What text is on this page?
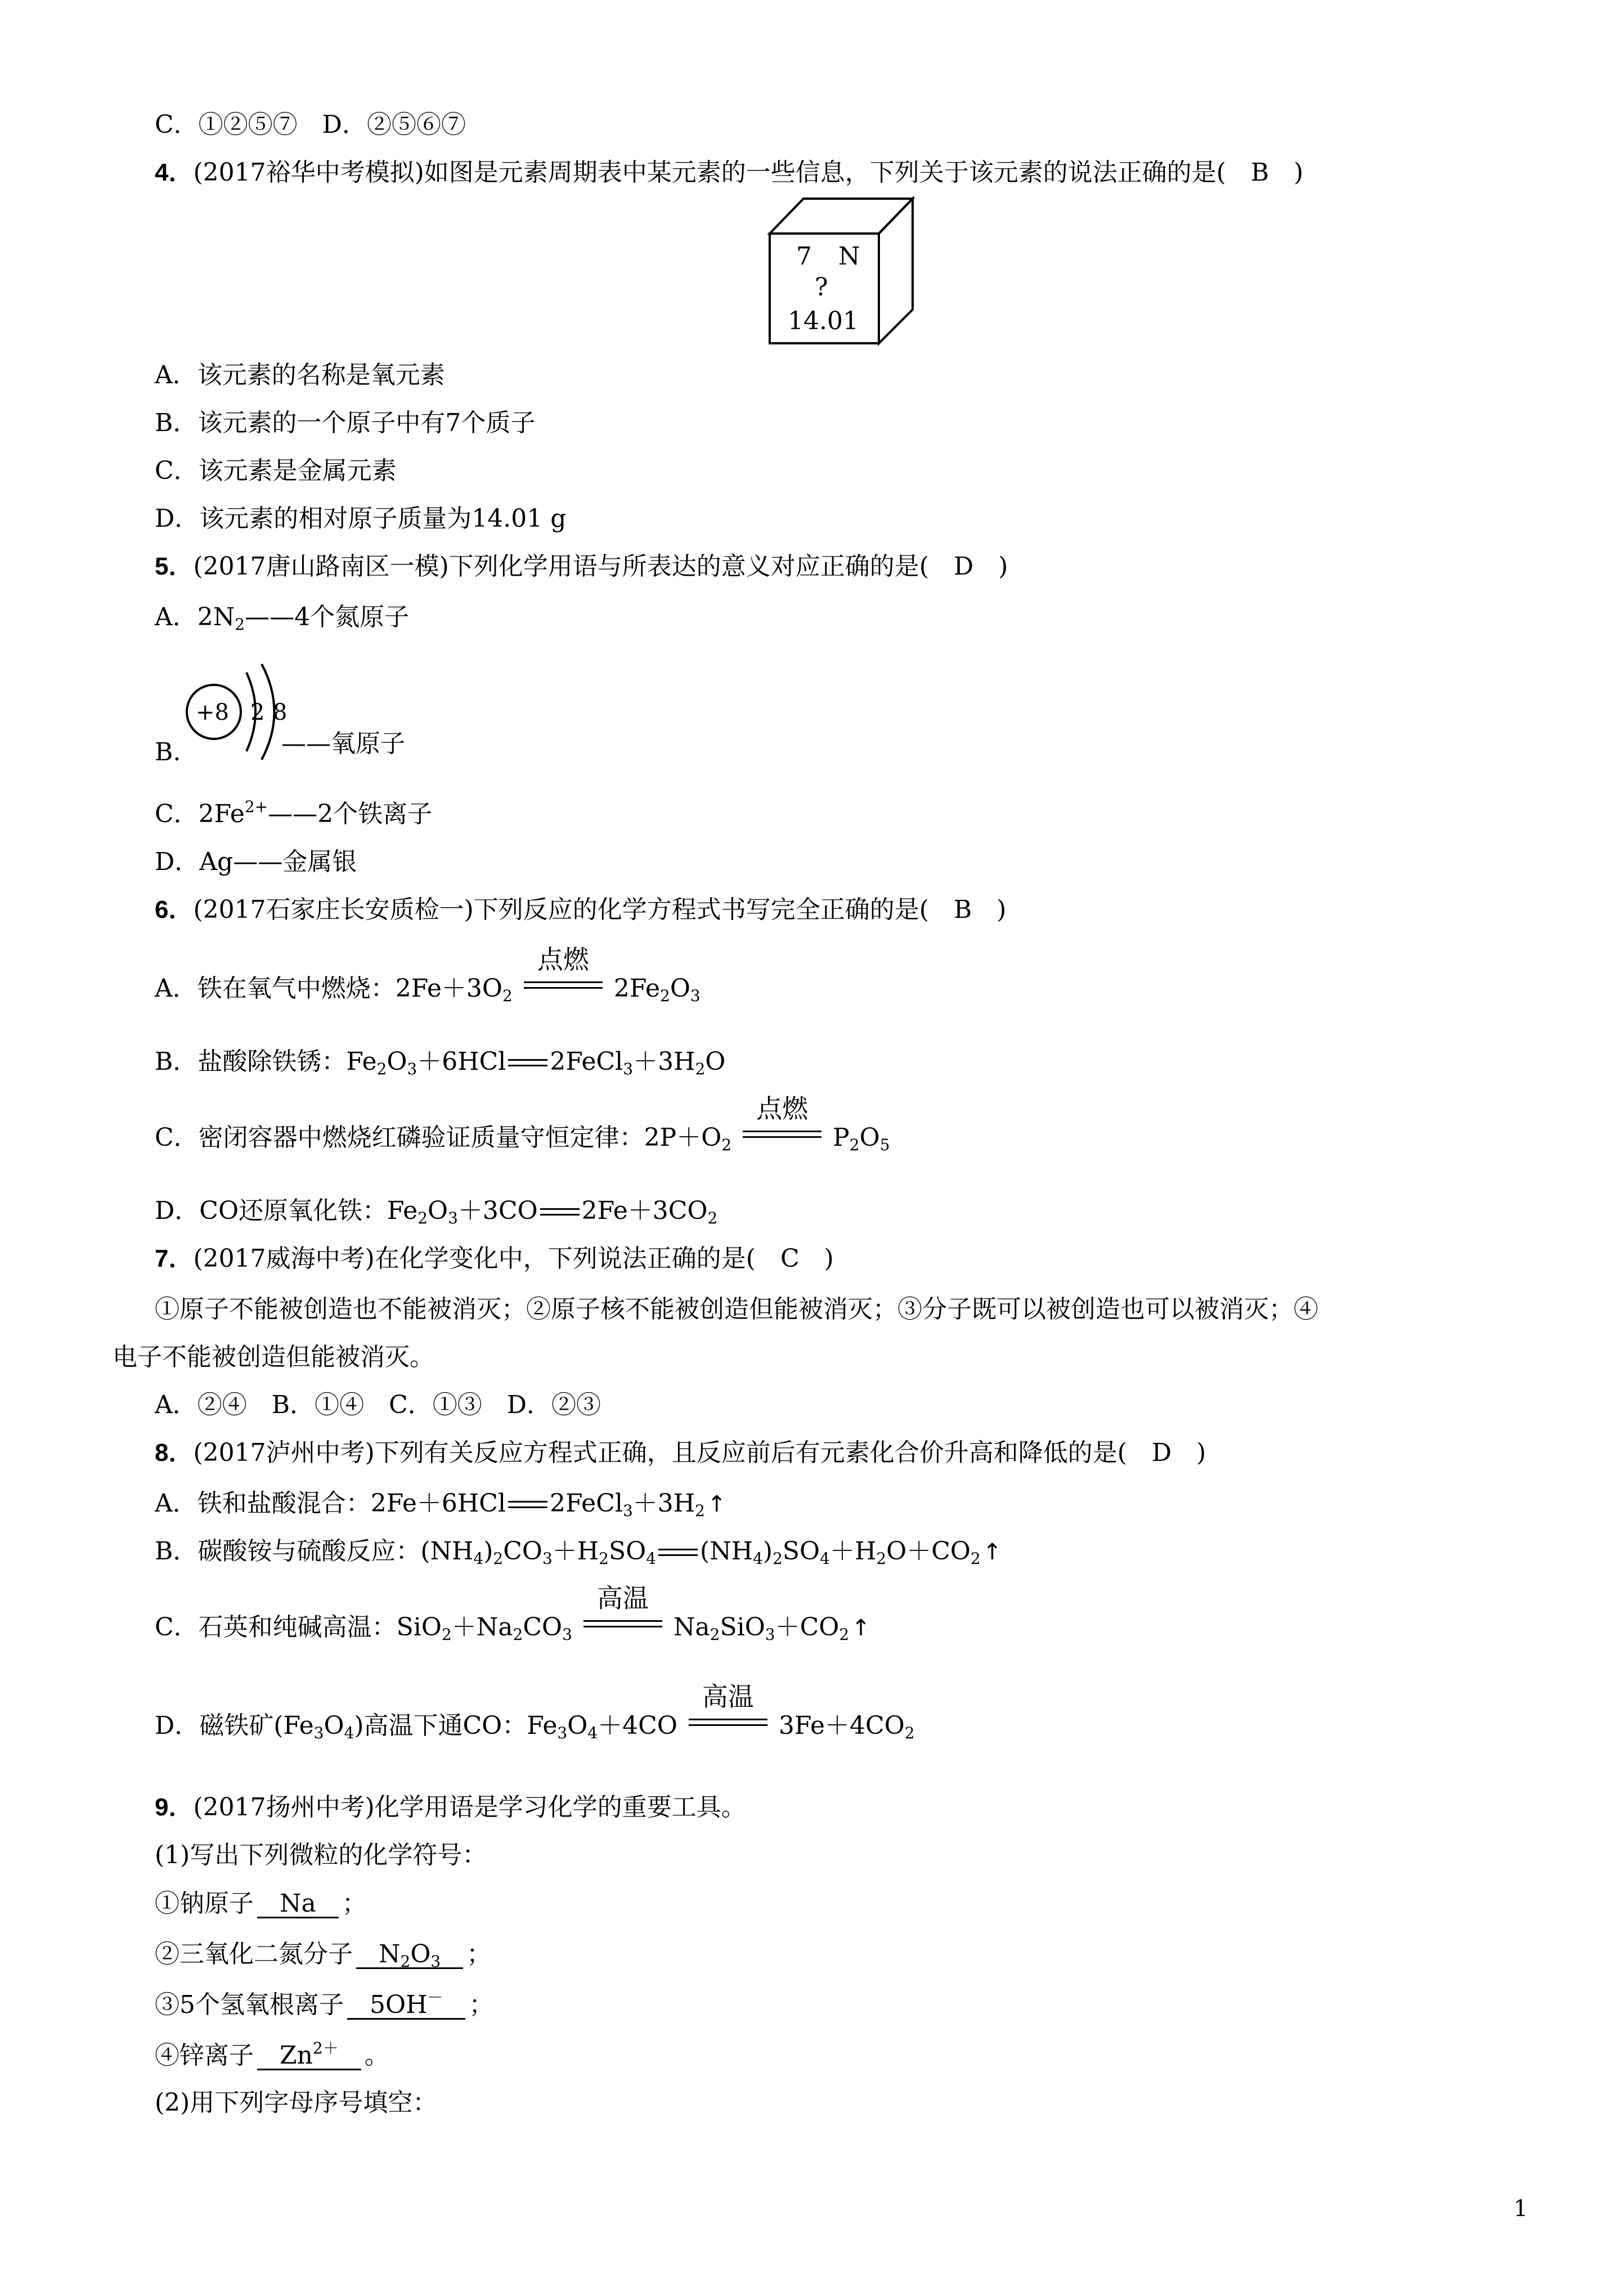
C．①②⑤⑦　D．②⑤⑥⑦
4．(2017裕华中考模拟)如图是元素周期表中某元素的一些信息，下列关于该元素的说法正确的是(　B　)
7 N
?
14.01
A．该元素的名称是氧元素
B．该元素的一个原子中有7个质子
C．该元素是金属元素
D．该元素的相对原子质量为14.01 g
5．(2017唐山路南区一模)下列化学用语与所表达的意义对应正确的是(　D　)
A．$2N_2——4$个氮原子
B.
+8 2 8
——氧原子
C．$2Fe^{2+}——2$个铁离子
D．Ag——金属银
6．(2017石家庄长安质检一)下列反应的化学方程式书写完全正确的是(　B　)
A．铁在氧气中燃烧：$2Fe+3O_2$
点燃
$2Fe_2O_3$
B．盐酸除铁锈：$Fe_2O_3+6HCl$ $2FeCl_3+3H_2O$
C．密闭容器中燃烧红磷验证质量守恒定律：$2P+O_2$
点燃
$P_2O_5$
D．CO还原氧化铁：$Fe_2O_3+3CO$ $2Fe+3CO_2$
7．(2017威海中考)在化学变化中，下列说法正确的是(　C　)
①原子不能被创造也不能被消灭；②原子核不能被创造但能被消灭；③分子既可以被创造也可以被消灭；④
电子不能被创造但能被消灭。
A．②④　B．①④　C．①③　D．②③
8．(2017泸州中考)下列有关反应方程式正确，且反应前后有元素化合价升高和降低的是(　D　)
A．铁和盐酸混合：2Fe＋6HCl $2FeCl_3+3H_2$ ↑
B．碳酸铵与硫酸反应：$(NH_4)_2CO_3+H_2SO_4$ $(NH_4)_2SO_4+H_2O+CO_2$ ↑
C．石英和纯碱高温：$SiO_2+Na_2CO_3$
高温
$Na_2SiO_3+CO_2$ ↑
D．磁铁矿$(Fe_3O_4)$高温下通CO：$Fe_3O_4+4CO$
高温
$3Fe+4CO_2$
9．(2017扬州中考)化学用语是学习化学的重要工具。
(1)写出下列微粒的化学符号：
①钠原子 Na ；
②三氧化二氮分子 $N_2O_3$ ；
③5个氢氧根离子 5OH－ ；
④锌离子 $Zn^{2+}$ 。
(2)用下列字母序号填空：
1
